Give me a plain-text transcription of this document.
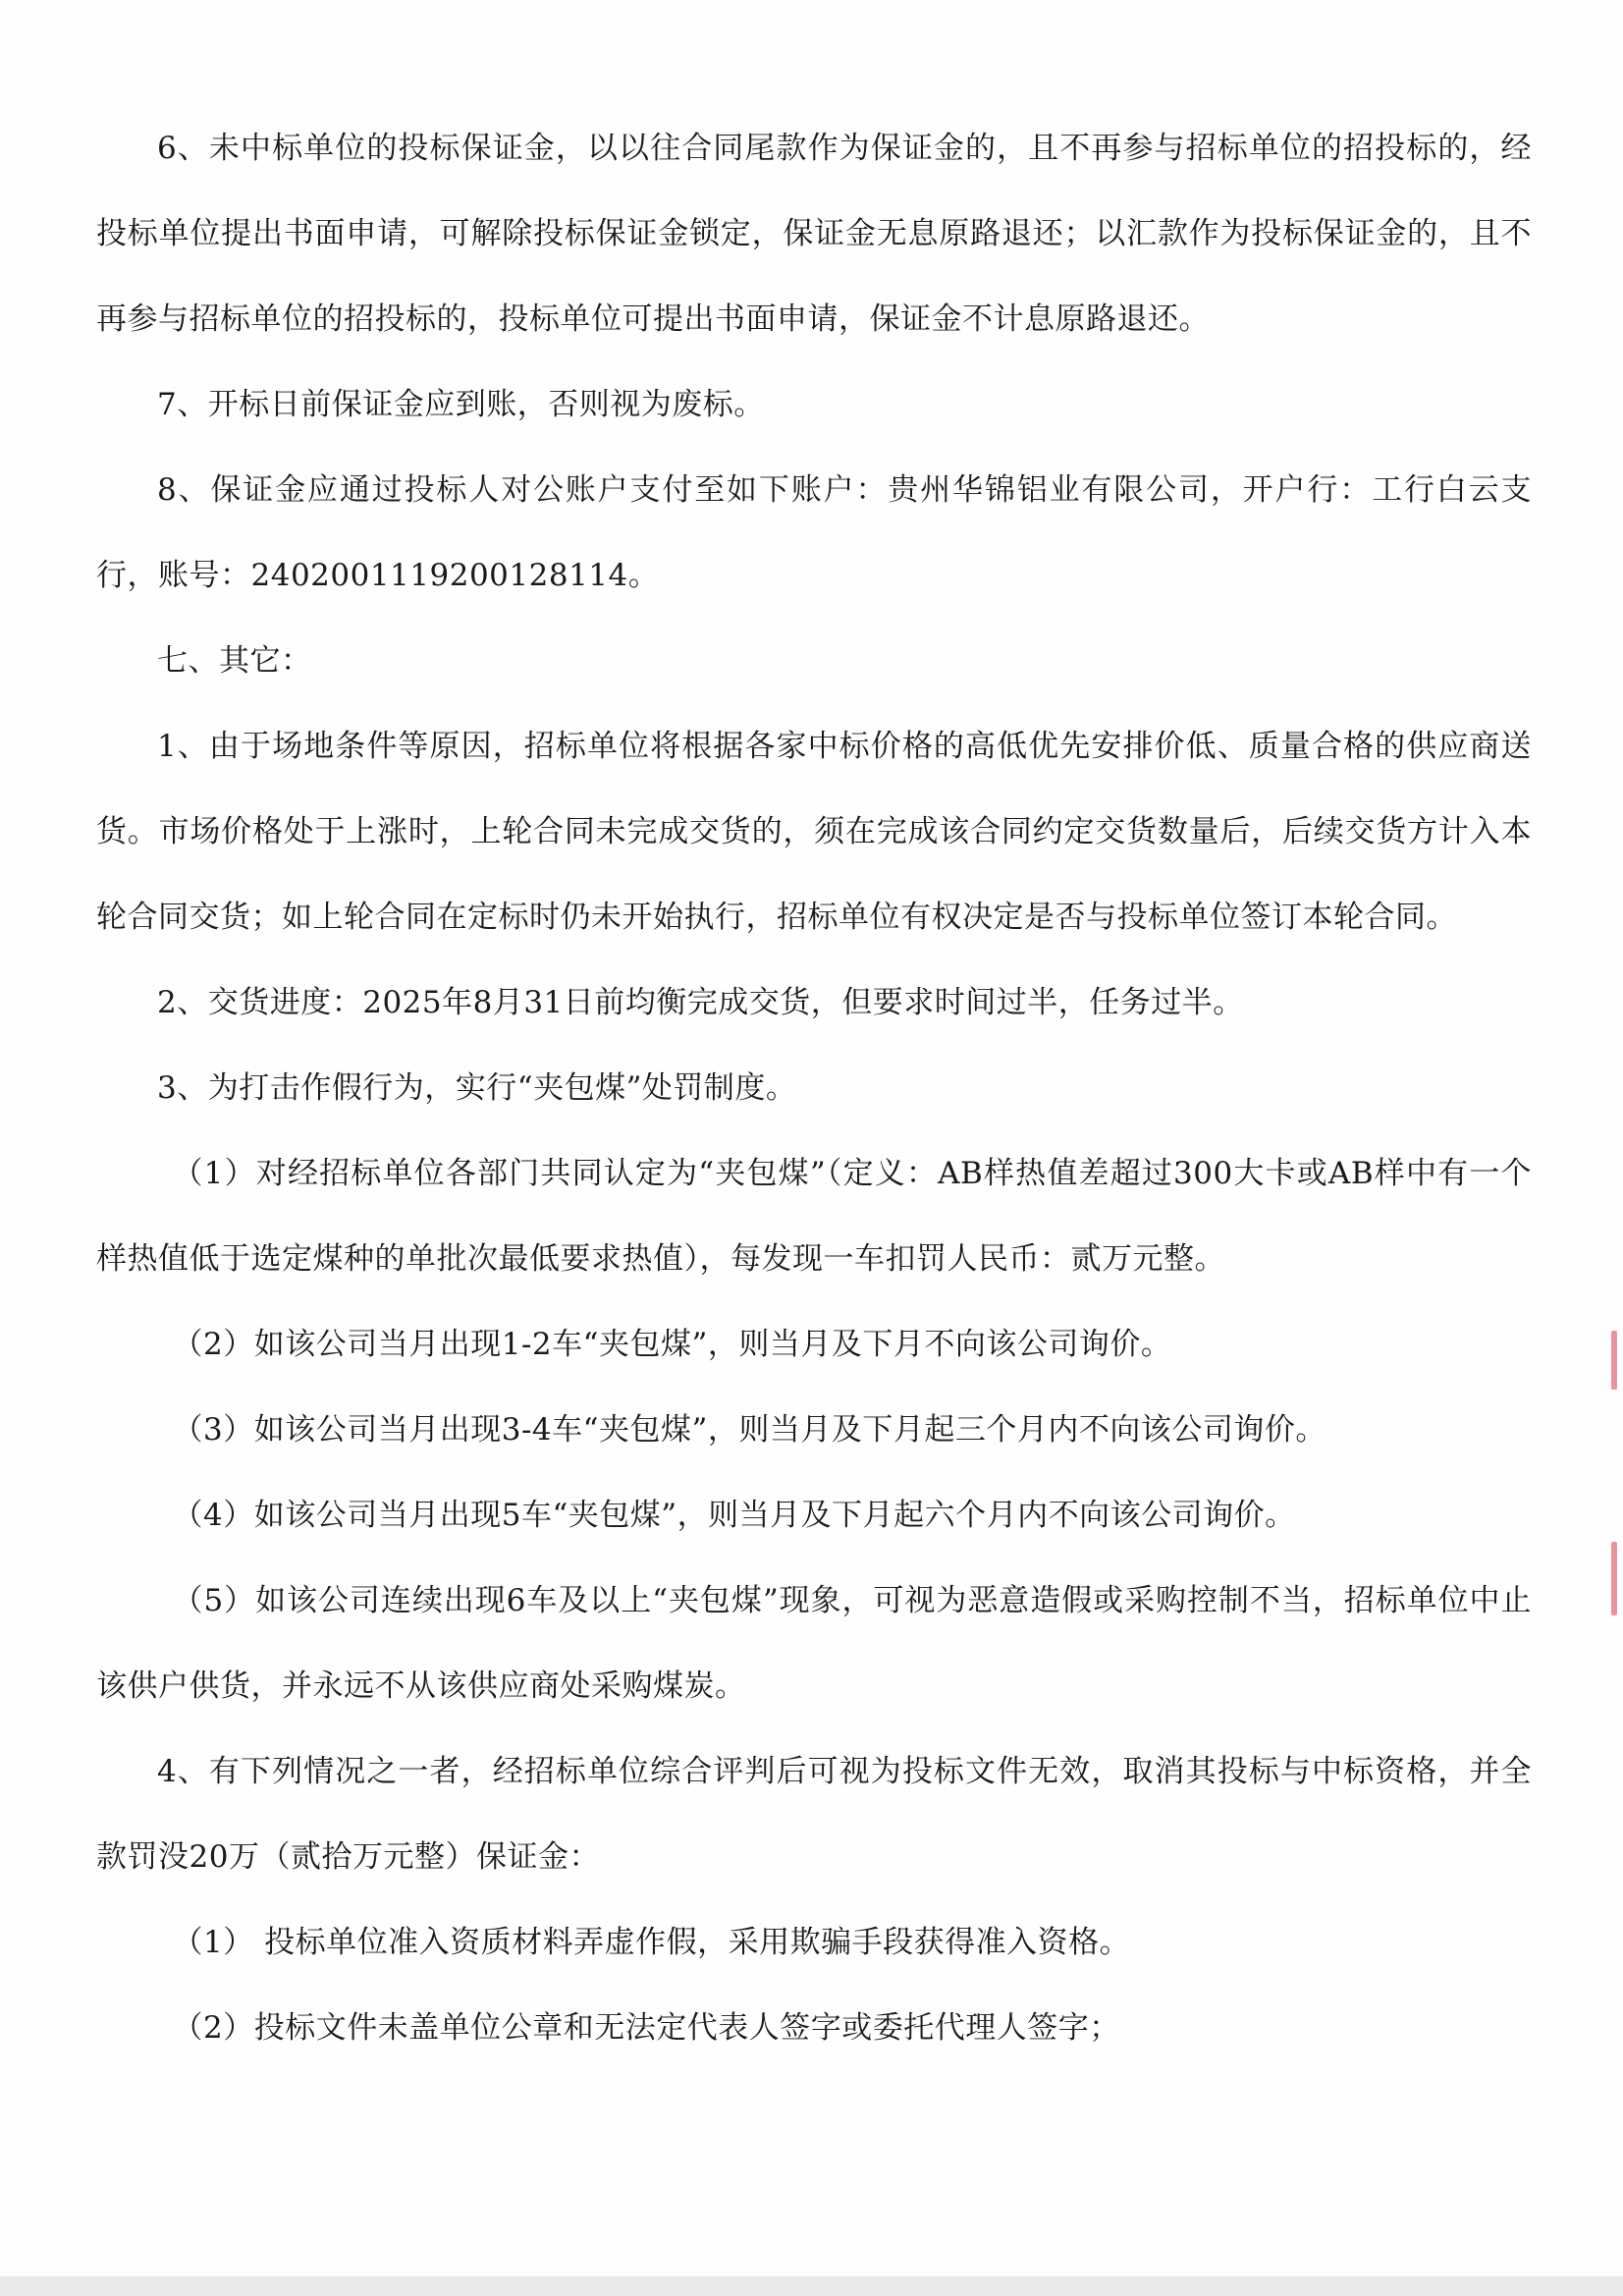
6、未中标单位的投标保证金，以以往合同尾款作为保证金的，且不再参与招标单位的招投标的，经投标单位提出书面申请，可解除投标保证金锁定，保证金无息原路退还；以汇款作为投标保证金的，且不再参与招标单位的招投标的，投标单位可提出书面申请，保证金不计息原路退还。

7、开标日前保证金应到账，否则视为废标。

8、保证金应通过投标人对公账户支付至如下账户：贵州华锦铝业有限公司，开户行：工行白云支行，账号：2402001119200128114。

七、其它：

1、由于场地条件等原因，招标单位将根据各家中标价格的高低优先安排价低、质量合格的供应商送货。市场价格处于上涨时，上轮合同未完成交货的，须在完成该合同约定交货数量后，后续交货方计入本轮合同交货；如上轮合同在定标时仍未开始执行，招标单位有权决定是否与投标单位签订本轮合同。

2、交货进度：2025年8月31日前均衡完成交货，但要求时间过半，任务过半。

3、为打击作假行为，实行“夹包煤”处罚制度。

（1）对经招标单位各部门共同认定为“夹包煤”（定义：AB样热值差超过300大卡或AB样中有一个样热值低于选定煤种的单批次最低要求热值），每发现一车扣罚人民币：贰万元整。

（2）如该公司当月出现1-2车“夹包煤”，则当月及下月不向该公司询价。

（3）如该公司当月出现3-4车“夹包煤”，则当月及下月起三个月内不向该公司询价。

（4）如该公司当月出现5车“夹包煤”，则当月及下月起六个月内不向该公司询价。

（5）如该公司连续出现6车及以上“夹包煤”现象，可视为恶意造假或采购控制不当，招标单位中止该供户供货，并永远不从该供应商处采购煤炭。

4、有下列情况之一者，经招标单位综合评判后可视为投标文件无效，取消其投标与中标资格，并全款罚没20万（贰拾万元整）保证金：

（1） 投标单位准入资质材料弄虚作假，采用欺骗手段获得准入资格。

（2）投标文件未盖单位公章和无法定代表人签字或委托代理人签字；
